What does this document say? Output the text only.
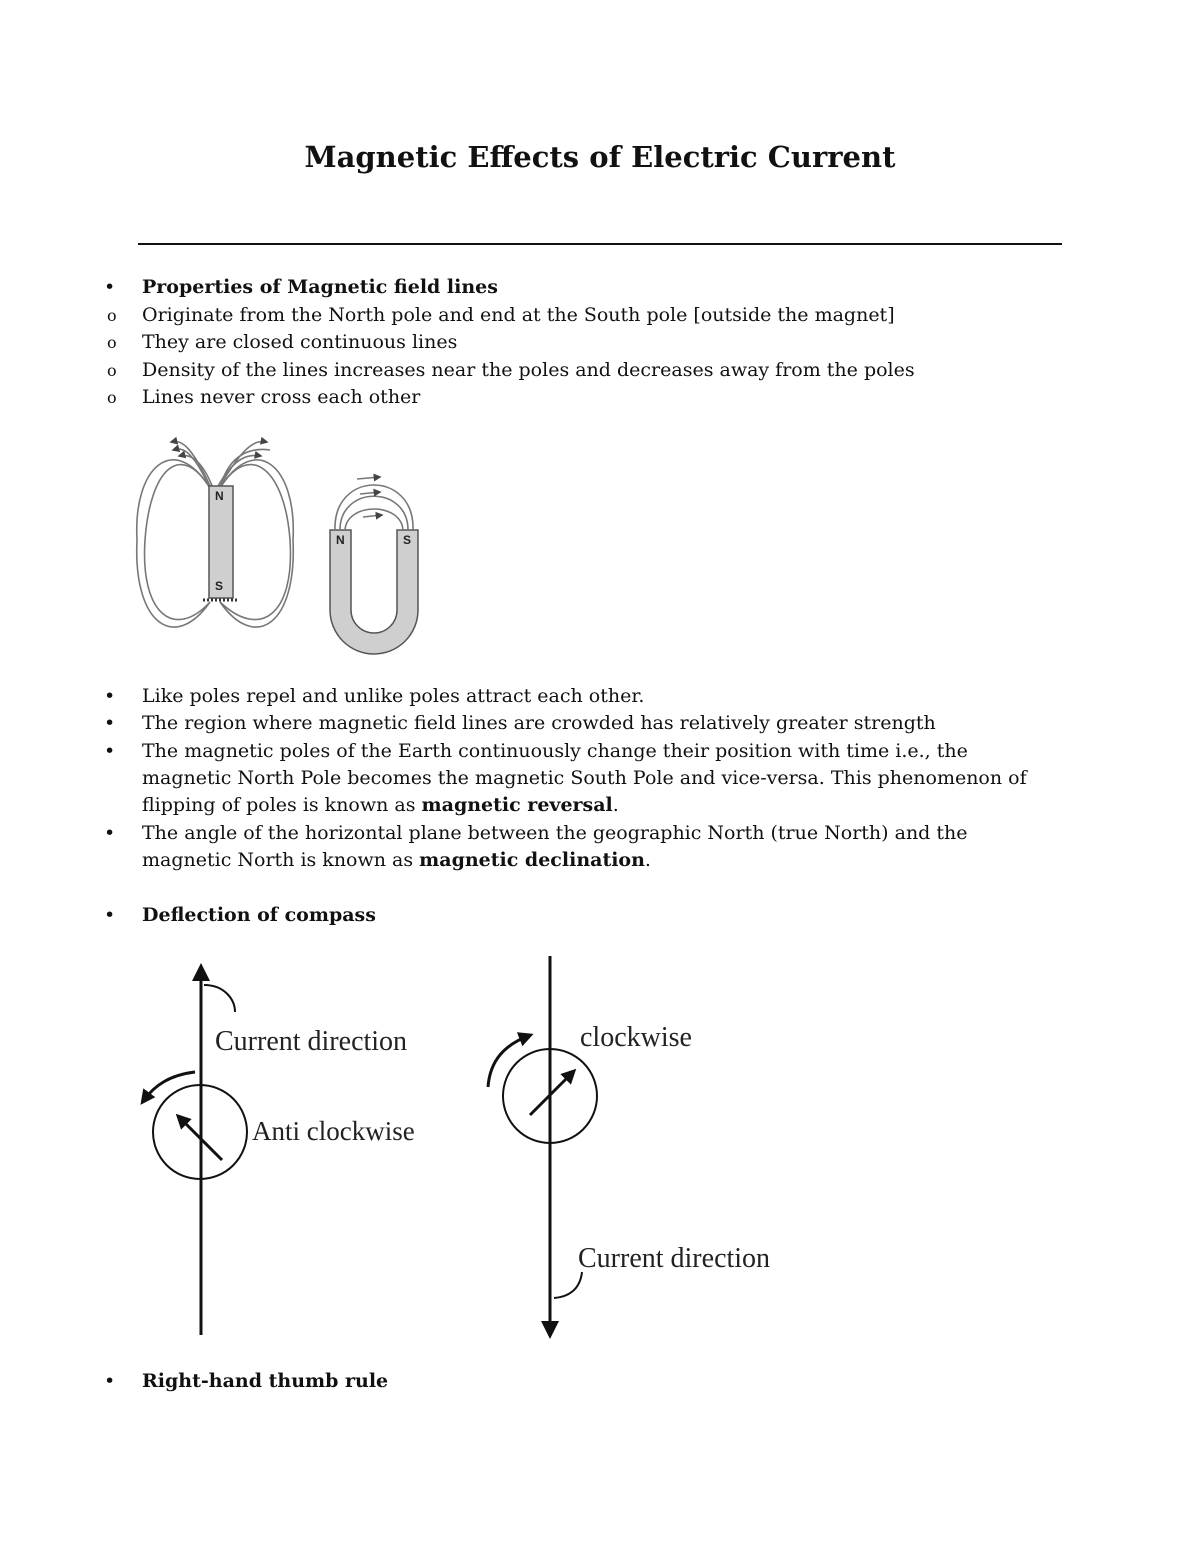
Magnetic Effects of Electric Current
• Properties of Magnetic field lines
o Originate from the North pole and end at the South pole [outside the magnet]
o They are closed continuous lines
o Density of the lines increases near the poles and decreases away from the poles
o Lines never cross each other
N
S
N	S
• Like poles repel and unlike poles attract each other.
• The region where magnetic field lines are crowded has relatively greater strength
• The magnetic poles of the Earth continuously change their position with time i.e., the
magnetic North Pole becomes the magnetic South Pole and vice-versa. This phenomenon of
flipping of poles is known as magnetic reversal.
• The angle of the horizontal plane between the geographic North (true North) and the
magnetic North is known as magnetic declination.
• Deflection of compass
Current direction
Anti clockwise
clockwise
Current direction
• Right-hand thumb rule
